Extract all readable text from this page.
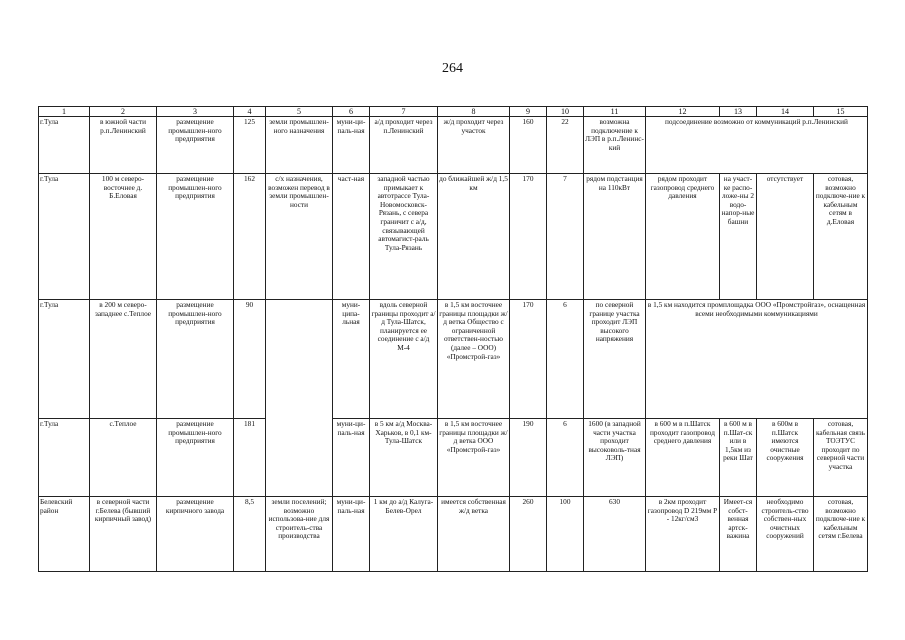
264
1	2	3	4	5	6	7	8	9	10	11	12	13	14	15
г.Тула	в южной части р.п.Ленинский	размещение промышлен-ного предприятия	125	земли промышлен-ного назначения	муни-ци-паль-ная	а/д проходит через п.Ленинский	ж/д проходит через участок	160	22	возможна подключение к ЛЭП в р.п.Ленинс-кий	подсоединение возможно от коммуникаций р.п.Ленинский			
г.Тула	100 м северо-восточнее д. Б.Еловая	размещение промышлен-ного предприятия	162	с/х назначения, возможен перевод в земли промышлен-ности	част-ная	западной частью примыкает к автотрассе Тула-Новомосковск-Рязань, с севера граничит с а/д, связывающей автомагист-раль Тула-Рязань	до ближайшей ж/д 1,5 км	170	7	рядом подстанция на 110кВт	рядом проходит газопровод среднего давления	на участ-ке распо-ложе-ны 2 водо-напор-ные башни	отсутствует	сотовая, возможно подключе-ние к кабельным сетям в д.Еловая
г.Тула	в 200 м северо-западнее с.Теплое	размещение промышлен-ного предприятия	90		муни-ципа-льная	вдоль северной границы проходит а/д Тула-Шатск, планируется ее соединение с а/д М-4	в 1,5 км восточнее границы площадки ж/д ветка Общество с ограниченной ответствен-ностью (далее – ООО) «Промстрой-газ»	170	6	по северной границе участка проходит ЛЭП высокого напряжения	в 1,5 км находится промплощадка ООО «Промстройгаз», оснащенная всеми необходимыми коммуникациями			
г.Тула	с.Теплое	размещение промышлен-ного предприятия	181		муни-ци-паль-ная	в 5 км а/д Москва-Харьков, в 0,1 км-Тула-Шатск	в 1,5 км восточнее границы площадки ж/д ветка ООО «Промстрой-газ»	190	6	1600 (в западной части участка проходит высоковоль-тная ЛЭП)	в 600 м в п.Шатск проходит газопровод среднего давления	в 600 м в п.Шат-ск или в 1,5км из реки Шат	в 600м в п.Шатск имеются очистные сооружения	сотовая, кабельная связь ТОЭТУС проходит по северной части участка
Белевский район	в северной части г.Белева (бывший кирпичный завод)	размещение кирпичного завода	8,5	земли поселений; возможно использова-ние для строитель-ства производства	муни-ци-паль-ная	1 км до а/д Калуга-Белев-Орел	имеется собственная ж/д ветка	260	100	630	в 2км проходит газопровод D 219мм Р - 12кг/см3	Имеет-ся собст-венная артск-важина	необходимо строитель-ство собствен-ных очистных сооружений	сотовая, возможно подключе-ние к кабельным сетям г.Белева
